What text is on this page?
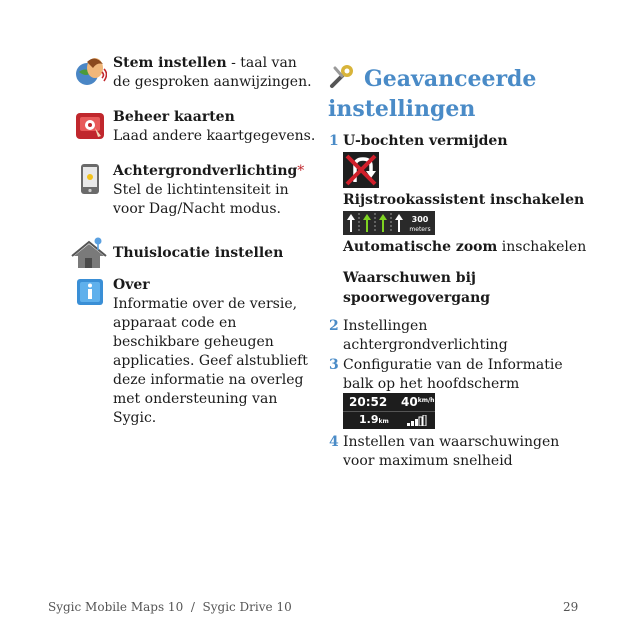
Stem instellen - taal van de gesproken aanwijzingen.
Beheer kaarten
Laad andere kaartgegevens.
Achtergrondverlichting*
Stel de lichtintensiteit in voor Dag/Nacht modus.
Thuislocatie instellen
Over
Informatie over de versie, apparaat code en beschikbare geheugen applicaties. Geef alstublieft deze informatie na overleg met ondersteuning van Sygic.
Geavanceerde instellingen
1 U-bochten vermijden
Rijstrookassistent inschakelen
300
meters
Automatische zoom inschakelen
Waarschuwen bij spoorwegovergang
2 Instellingen achtergrondverlichting
3 Configuratie van de Informatie balk op het hoofdscherm
20:52 $40^{km/h}$
1.9km
4 Instellen van waarschuwingen voor maximum snelheid
Sygic Mobile Maps 10  /  Sygic Drive 10	29
